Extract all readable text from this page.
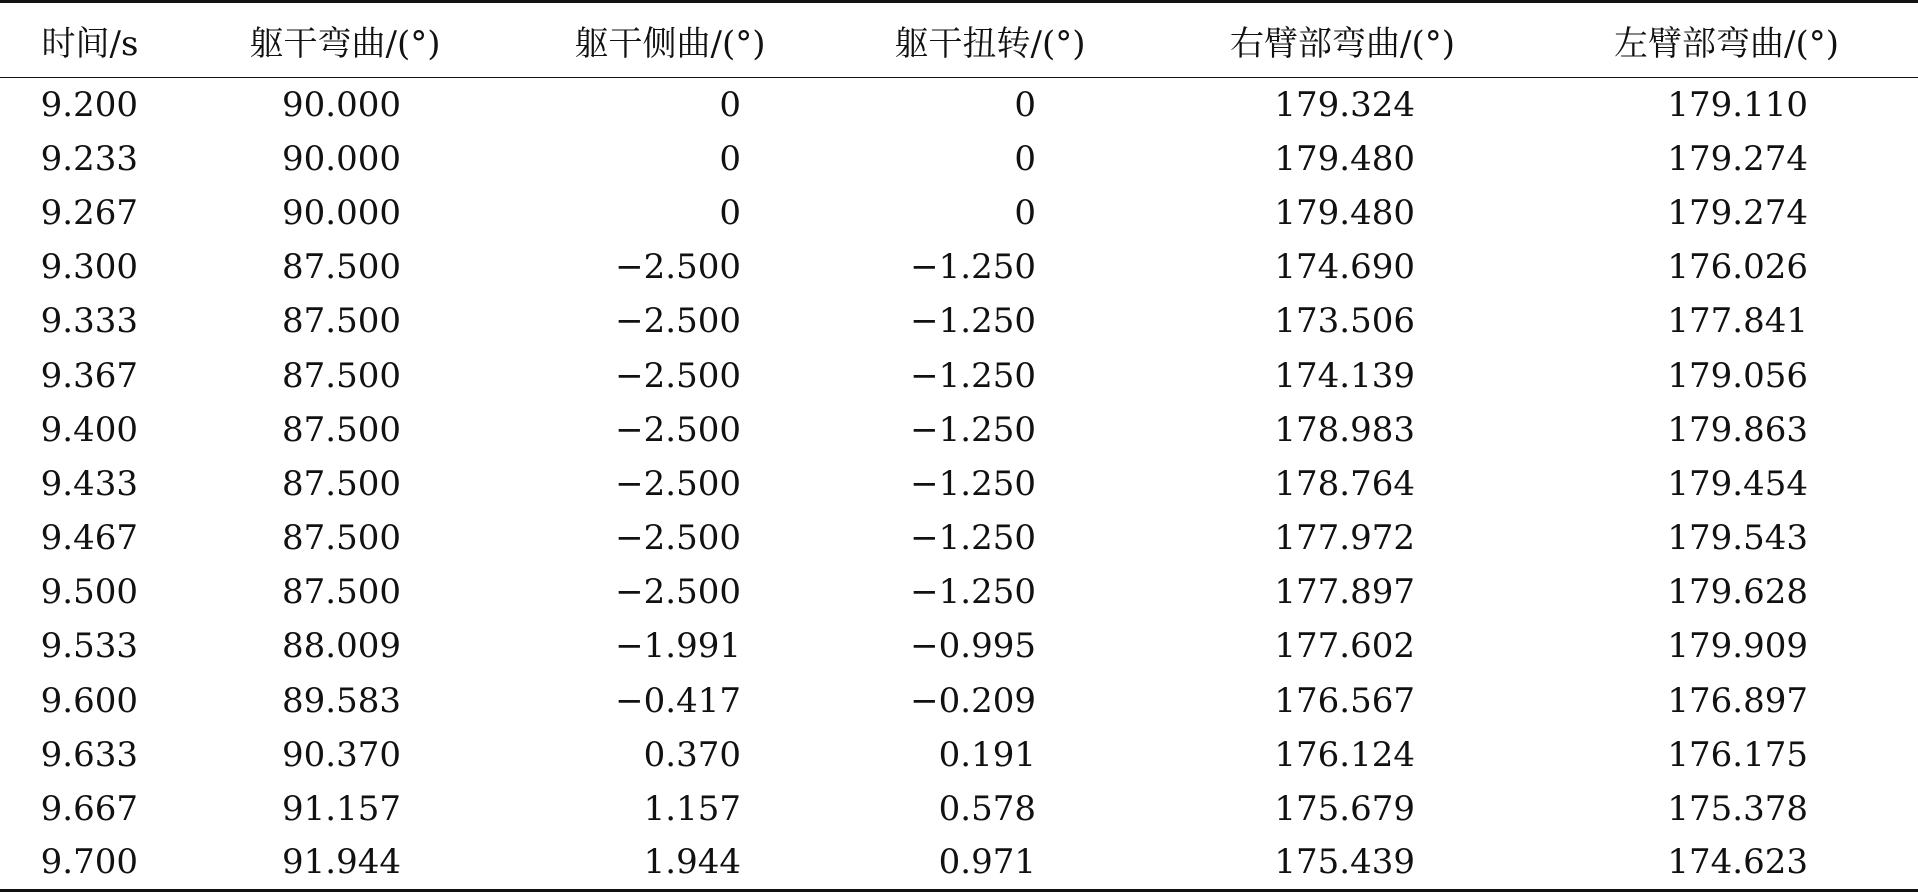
时间/s	躯干弯曲/(°)	躯干侧曲/(°)	躯干扭转/(°)	右臂部弯曲/(°)	左臂部弯曲/(°)
9.200	90.000	0	0	179.324	179.110
9.233	90.000	0	0	179.480	179.274
9.267	90.000	0	0	179.480	179.274
9.300	87.500	−2.500	−1.250	174.690	176.026
9.333	87.500	−2.500	−1.250	173.506	177.841
9.367	87.500	−2.500	−1.250	174.139	179.056
9.400	87.500	−2.500	−1.250	178.983	179.863
9.433	87.500	−2.500	−1.250	178.764	179.454
9.467	87.500	−2.500	−1.250	177.972	179.543
9.500	87.500	−2.500	−1.250	177.897	179.628
9.533	88.009	−1.991	−0.995	177.602	179.909
9.600	89.583	−0.417	−0.209	176.567	176.897
9.633	90.370	0.370	0.191	176.124	176.175
9.667	91.157	1.157	0.578	175.679	175.378
9.700	91.944	1.944	0.971	175.439	174.623
